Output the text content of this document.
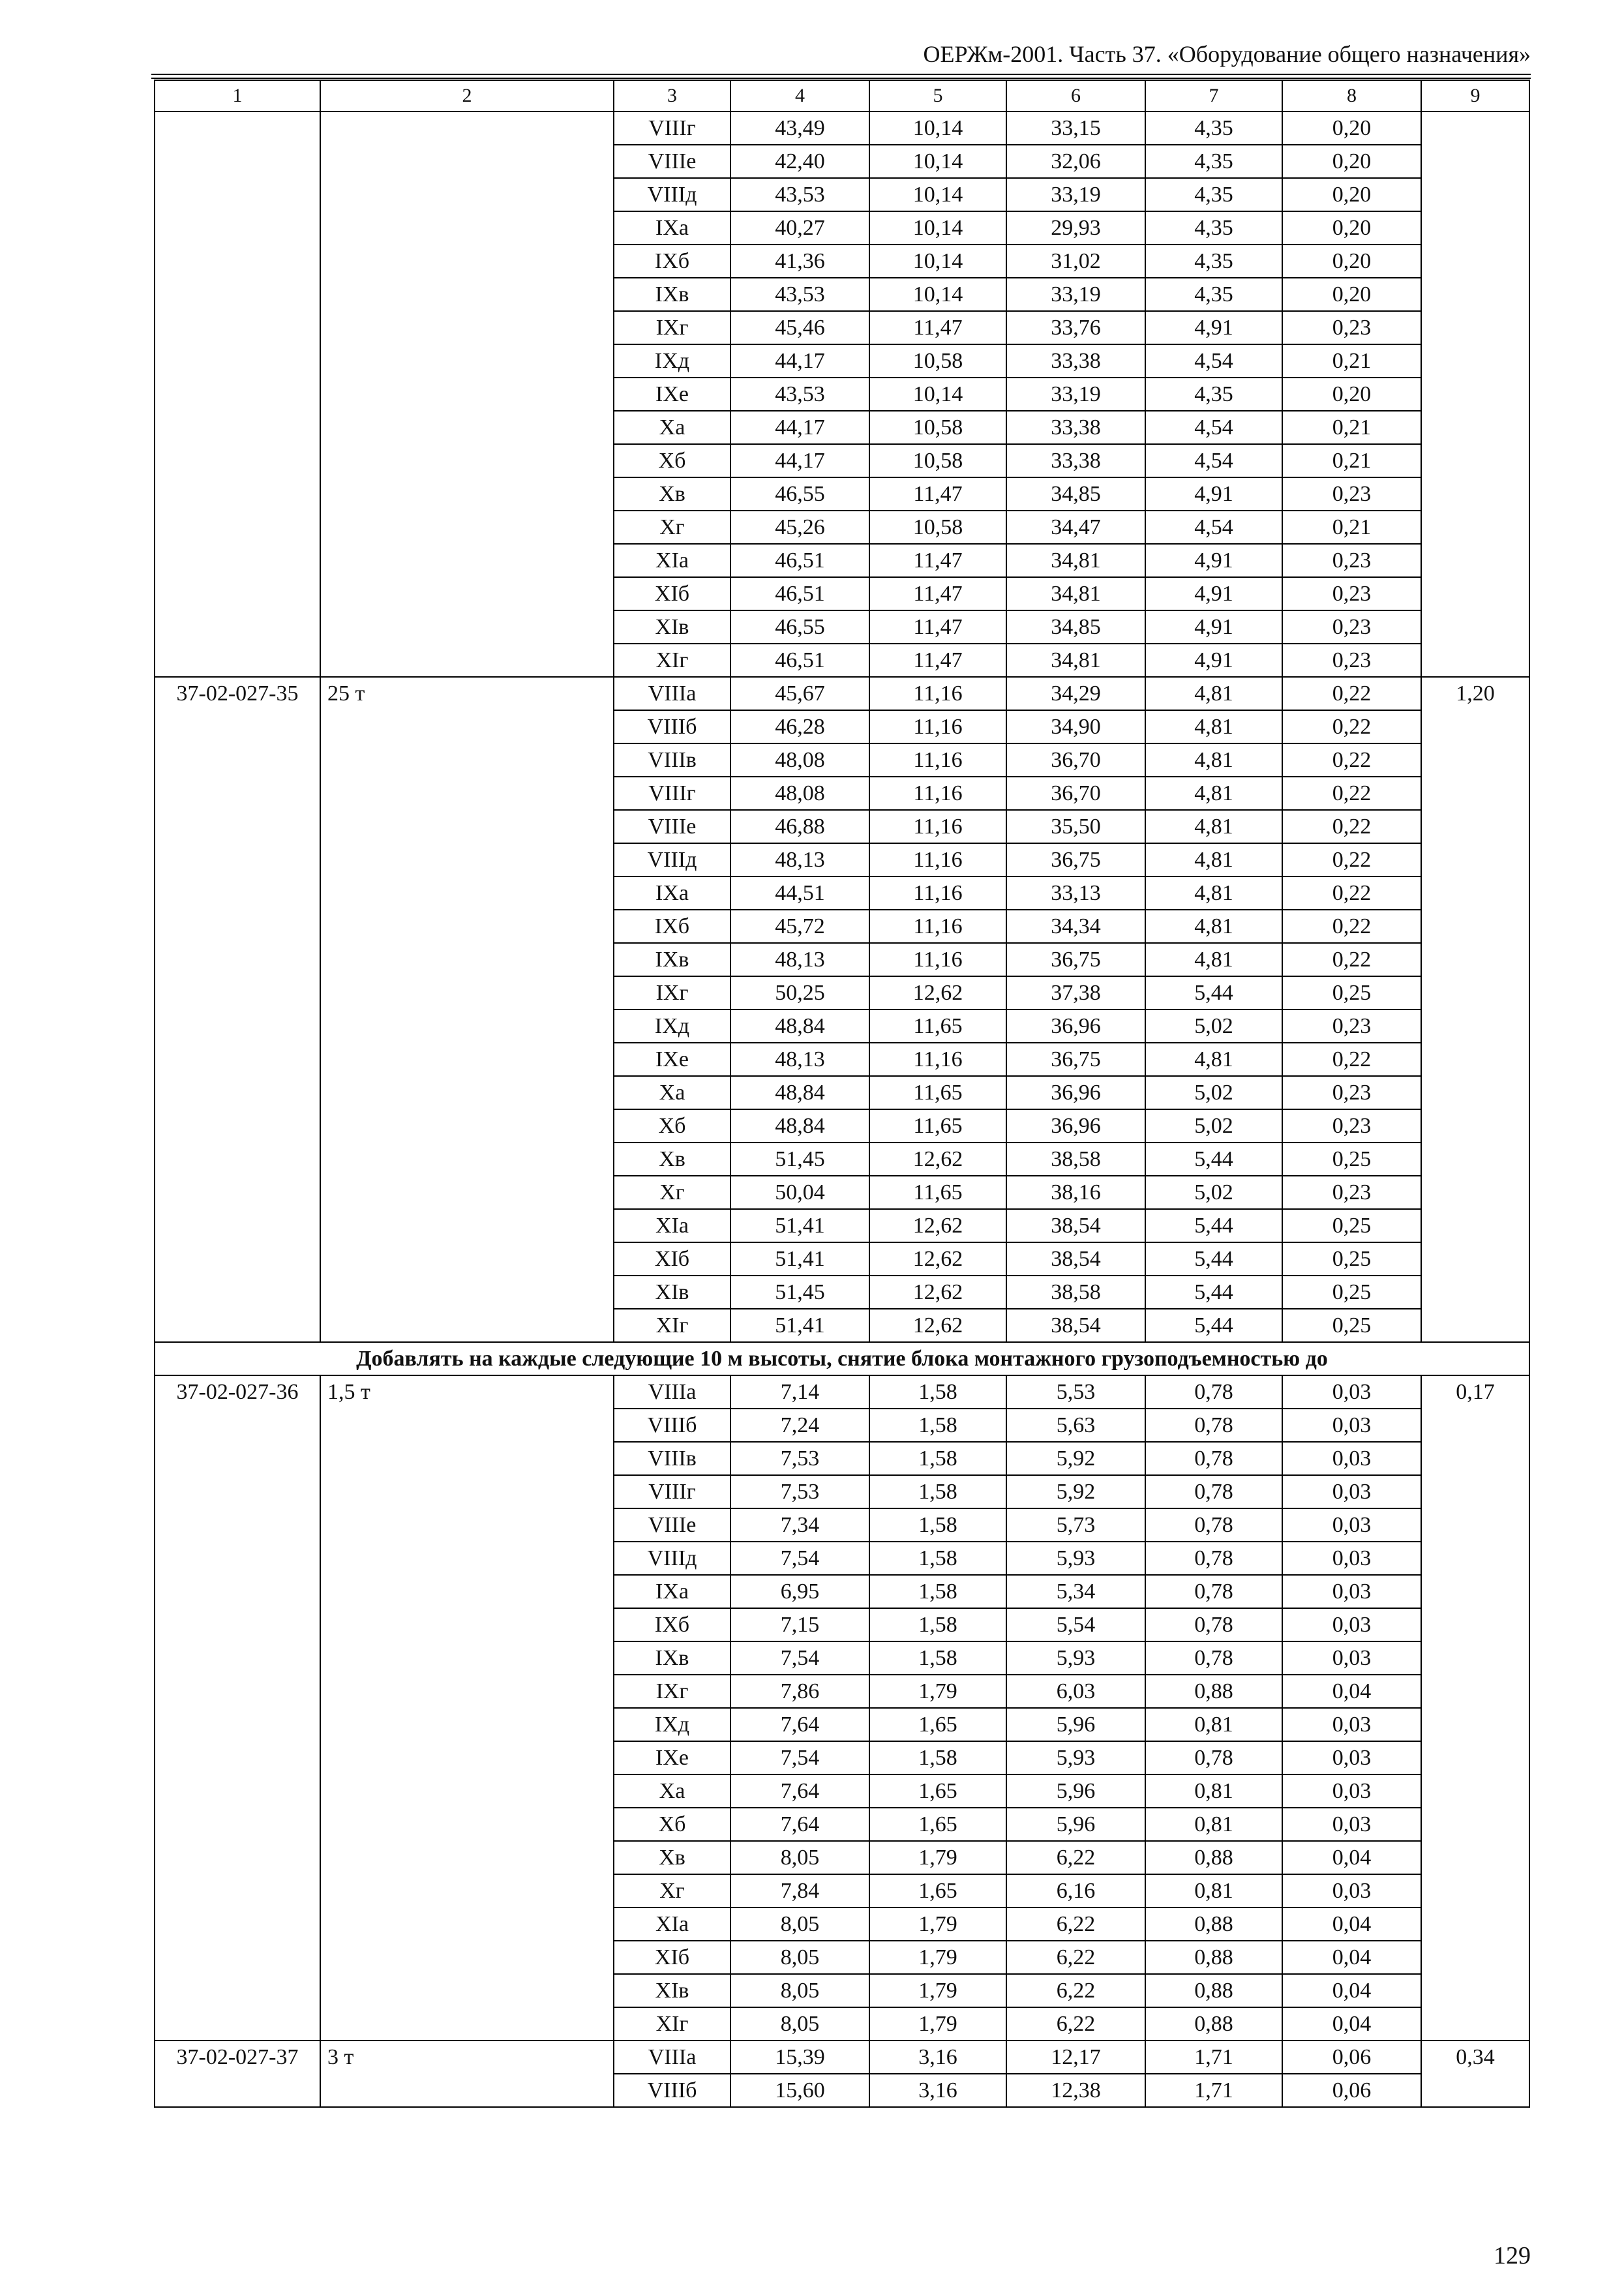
ОЕРЖм-2001. Часть 37. «Оборудование общего назначения»
1	2	3	4	5	6	7	8	9
		VIIIг	43,49	10,14	33,15	4,35	0,20	
		VIIIе	42,40	10,14	32,06	4,35	0,20	
		VIIIд	43,53	10,14	33,19	4,35	0,20	
		IXа	40,27	10,14	29,93	4,35	0,20	
		IXб	41,36	10,14	31,02	4,35	0,20	
		IXв	43,53	10,14	33,19	4,35	0,20	
		IXг	45,46	11,47	33,76	4,91	0,23	
		IXд	44,17	10,58	33,38	4,54	0,21	
		IXе	43,53	10,14	33,19	4,35	0,20	
		Xа	44,17	10,58	33,38	4,54	0,21	
		Xб	44,17	10,58	33,38	4,54	0,21	
		Xв	46,55	11,47	34,85	4,91	0,23	
		Xг	45,26	10,58	34,47	4,54	0,21	
		XIа	46,51	11,47	34,81	4,91	0,23	
		XIб	46,51	11,47	34,81	4,91	0,23	
		XIв	46,55	11,47	34,85	4,91	0,23	
		XIг	46,51	11,47	34,81	4,91	0,23	
37-02-027-35	25 т	VIIIа	45,67	11,16	34,29	4,81	0,22	1,20
		VIIIб	46,28	11,16	34,90	4,81	0,22	
		VIIIв	48,08	11,16	36,70	4,81	0,22	
		VIIIг	48,08	11,16	36,70	4,81	0,22	
		VIIIе	46,88	11,16	35,50	4,81	0,22	
		VIIIд	48,13	11,16	36,75	4,81	0,22	
		IXа	44,51	11,16	33,13	4,81	0,22	
		IXб	45,72	11,16	34,34	4,81	0,22	
		IXв	48,13	11,16	36,75	4,81	0,22	
		IXг	50,25	12,62	37,38	5,44	0,25	
		IXд	48,84	11,65	36,96	5,02	0,23	
		IXе	48,13	11,16	36,75	4,81	0,22	
		Xа	48,84	11,65	36,96	5,02	0,23	
		Xб	48,84	11,65	36,96	5,02	0,23	
		Xв	51,45	12,62	38,58	5,44	0,25	
		Xг	50,04	11,65	38,16	5,02	0,23	
		XIа	51,41	12,62	38,54	5,44	0,25	
		XIб	51,41	12,62	38,54	5,44	0,25	
		XIв	51,45	12,62	38,58	5,44	0,25	
		XIг	51,41	12,62	38,54	5,44	0,25	
Добавлять на каждые следующие 10 м высоты, снятие блока монтажного грузоподъемностью до								
37-02-027-36	1,5 т	VIIIа	7,14	1,58	5,53	0,78	0,03	0,17
		VIIIб	7,24	1,58	5,63	0,78	0,03	
		VIIIв	7,53	1,58	5,92	0,78	0,03	
		VIIIг	7,53	1,58	5,92	0,78	0,03	
		VIIIе	7,34	1,58	5,73	0,78	0,03	
		VIIIд	7,54	1,58	5,93	0,78	0,03	
		IXа	6,95	1,58	5,34	0,78	0,03	
		IXб	7,15	1,58	5,54	0,78	0,03	
		IXв	7,54	1,58	5,93	0,78	0,03	
		IXг	7,86	1,79	6,03	0,88	0,04	
		IXд	7,64	1,65	5,96	0,81	0,03	
		IXе	7,54	1,58	5,93	0,78	0,03	
		Xа	7,64	1,65	5,96	0,81	0,03	
		Xб	7,64	1,65	5,96	0,81	0,03	
		Xв	8,05	1,79	6,22	0,88	0,04	
		Xг	7,84	1,65	6,16	0,81	0,03	
		XIа	8,05	1,79	6,22	0,88	0,04	
		XIб	8,05	1,79	6,22	0,88	0,04	
		XIв	8,05	1,79	6,22	0,88	0,04	
		XIг	8,05	1,79	6,22	0,88	0,04	
37-02-027-37	3 т	VIIIа	15,39	3,16	12,17	1,71	0,06	0,34
		VIIIб	15,60	3,16	12,38	1,71	0,06	
129
